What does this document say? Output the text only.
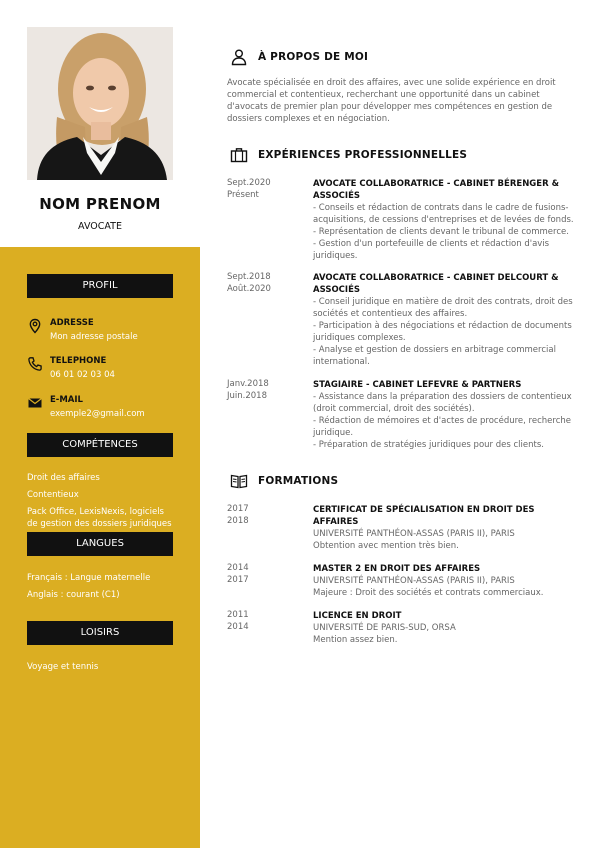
NOM PRENOM
AVOCATE
PROFIL
ADRESSE
Mon adresse postale
TELEPHONE
06 01 02 03 04
E-MAIL
exemple2@gmail.com
COMPÉTENCES
Droit des affaires
Contentieux
Pack Office, LexisNexis, logiciels de gestion des dossiers juridiques
LANGUES
Français : Langue maternelle
Anglais : courant (C1)
LOISIRS
Voyage et tennis
À PROPOS DE MOI
Avocate spécialisée en droit des affaires, avec une solide expérience en droit commercial et contentieux, recherchant une opportunité dans un cabinet d'avocats de premier plan pour développer mes compétences en gestion de dossiers complexes et en négociation.
EXPÉRIENCES PROFESSIONNELLES
Sept.2020
Présent
AVOCATE COLLABORATRICE - CABINET BÉRENGER & ASSOCIÉS
- Conseils et rédaction de contrats dans le cadre de fusions-acquisitions, de cessions d'entreprises et de levées de fonds.
- Représentation de clients devant le tribunal de commerce.
- Gestion d'un portefeuille de clients et rédaction d'avis juridiques.
Sept.2018
Août.2020
AVOCATE COLLABORATRICE - CABINET DELCOURT & ASSOCIÉS
- Conseil juridique en matière de droit des contrats, droit des sociétés et contentieux des affaires.
- Participation à des négociations et rédaction de documents juridiques complexes.
- Analyse et gestion de dossiers en arbitrage commercial international.
Janv.2018
Juin.2018
STAGIAIRE - CABINET LEFEVRE & PARTNERS
- Assistance dans la préparation des dossiers de contentieux (droit commercial, droit des sociétés).
- Rédaction de mémoires et d'actes de procédure, recherche juridique.
- Préparation de stratégies juridiques pour des clients.
FORMATIONS
2017
2018
CERTIFICAT DE SPÉCIALISATION EN DROIT DES AFFAIRES
UNIVERSITÉ PANTHÉON-ASSAS (PARIS II), PARIS
Obtention avec mention très bien.
2014
2017
MASTER 2 EN DROIT DES AFFAIRES
UNIVERSITÉ PANTHÉON-ASSAS (PARIS II), PARIS
Majeure : Droit des sociétés et contrats commerciaux.
2011
2014
LICENCE EN DROIT
UNIVERSITÉ DE PARIS-SUD, ORSA
Mention assez bien.
